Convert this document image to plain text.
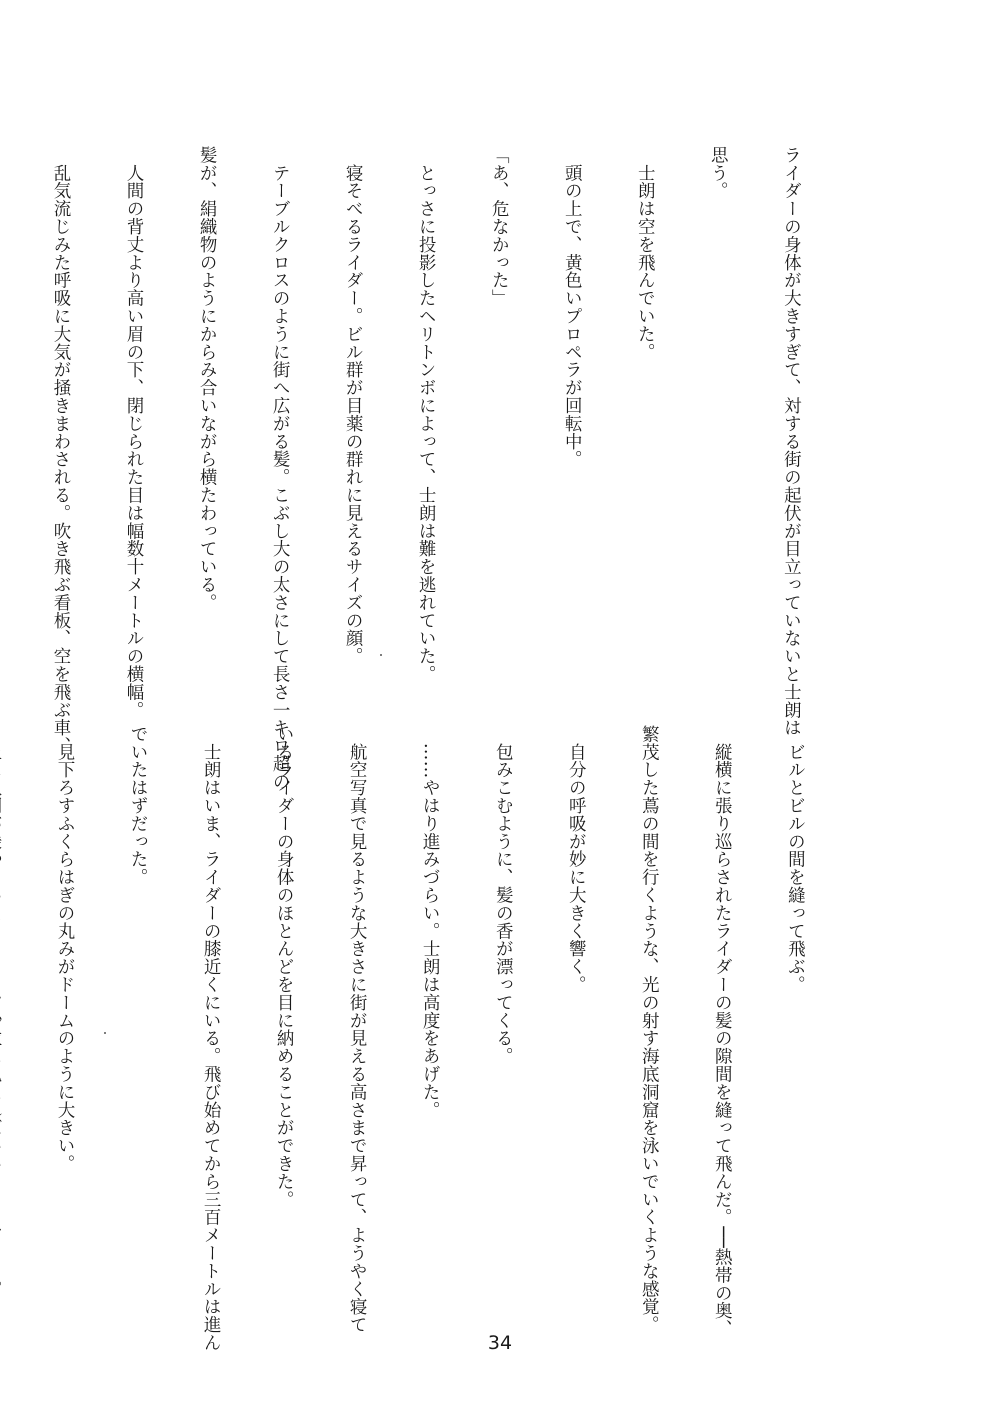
ライダーの身体が大きすぎて、対する街の起伏が目立っていないと士朗は

思う。

　士朗は空を飛んでいた。

　頭の上で、黄色いプロペラが回転中。

「あ、危なかった」

　とっさに投影したヘリトンボによって、士朗は難を逃れていた。

　寝そべるライダー。ビル群が目薬の群れに見えるサイズの顔。

　テーブルクロスのように街へ広がる髪。こぶし大の太さにして長さ一キロ超の

髪が、絹織物のようにからみ合いながら横たわっている。

　人間の背丈より高い眉の下、閉じられた目は幅数十メートルの横幅。

　乱気流じみた呼吸に大気が掻きまわされる。吹き飛ぶ看板、空を飛ぶ車、

　ビルとビルの間を縫って飛ぶ。

　縦横に張り巡らされたライダーの髪の隙間を縫って飛んだ。──熱帯の奥、

繁茂した蔦の間を行くような、光の射す海底洞窟を泳いでいくような感覚。

　自分の呼吸が妙に大きく響く。

　包みこむように、髪の香が漂ってくる。

　……やはり進みづらい。士朗は高度をあげた。

　航空写真で見るような大きさに街が見える高さまで昇って、ようやく寝て

いるライダーの身体のほとんどを目に納めることができた。

　士朗はいま、ライダーの膝近くにいる。飛び始めてから三百メートルは進ん

でいたはずだった。

　見下ろすふくらはぎの丸みがドームのように大きい。

34
